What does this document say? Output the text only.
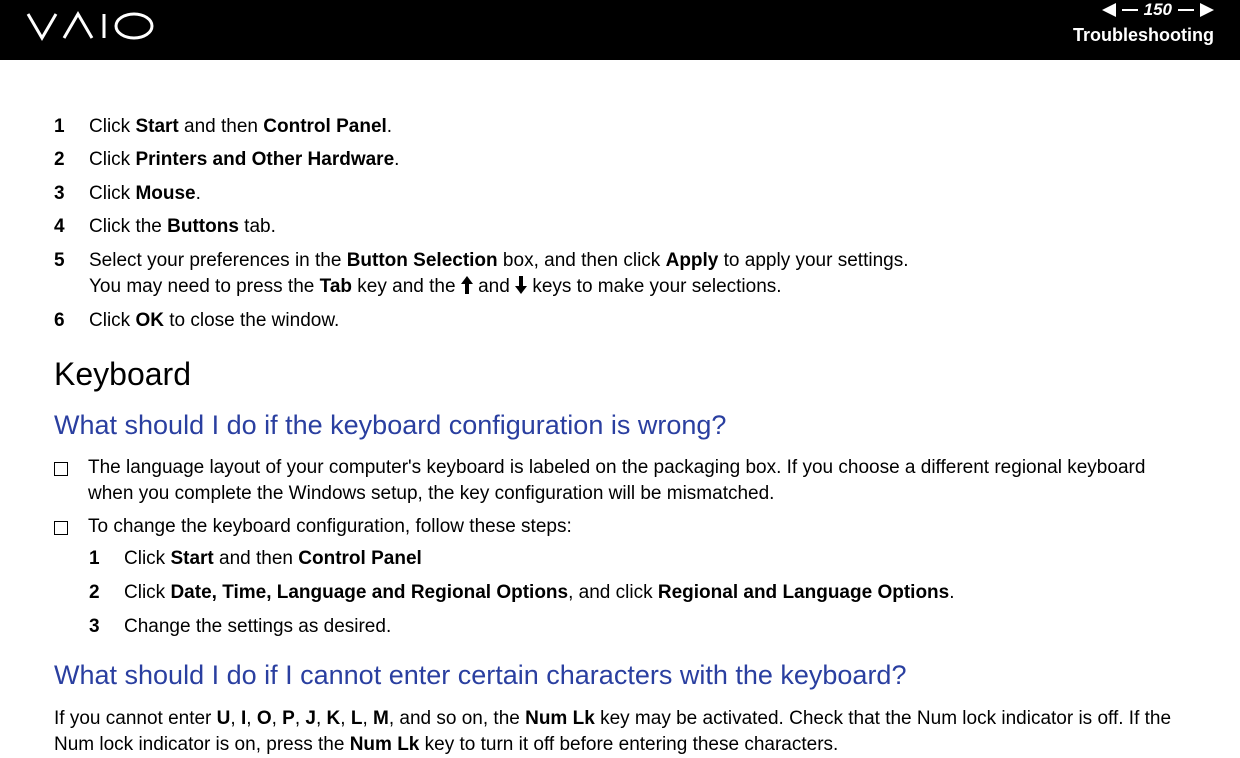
150
Troubleshooting
1	Click Start and then Control Panel.
2	Click Printers and Other Hardware.
3	Click Mouse.
4	Click the Buttons tab.
5	Select your preferences in the Button Selection box, and then click Apply to apply your settings.
You may need to press the Tab key and the  and  keys to make your selections.
6	Click OK to close the window.
Keyboard
What should I do if the keyboard configuration is wrong?
The language layout of your computer's keyboard is labeled on the packaging box. If you choose a different regional keyboard when you complete the Windows setup, the key configuration will be mismatched.
To change the keyboard configuration, follow these steps:
1	Click Start and then Control Panel
2	Click Date, Time, Language and Regional Options, and click Regional and Language Options.
3	Change the settings as desired.
What should I do if I cannot enter certain characters with the keyboard?

If you cannot enter U, I, O, P, J, K, L, M, and so on, the Num Lk key may be activated. Check that the Num lock indicator is off. If the Num lock indicator is on, press the Num Lk key to turn it off before entering these characters.
